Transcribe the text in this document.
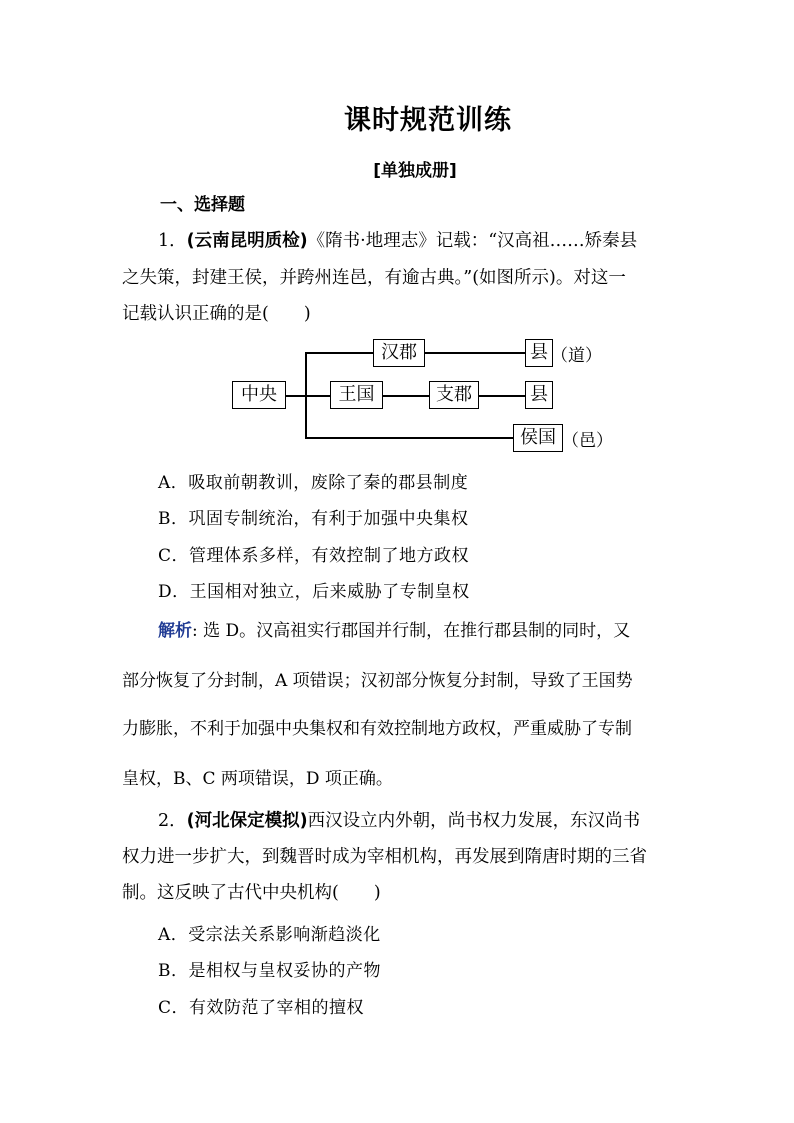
课时规范训练
[单独成册]
一、选择题
1．(云南昆明质检)《隋书·地理志》记载：“汉高祖……矫秦县
之失策，封建王侯，并跨州连邑，有逾古典。”(如图所示)。对这一
记载认识正确的是(　　)
中央
汉郡
王国	支郡
县 （道）
县
侯国 （邑）
A．吸取前朝教训，废除了秦的郡县制度
B．巩固专制统治，有利于加强中央集权
C．管理体系多样，有效控制了地方政权
D．王国相对独立，后来威胁了专制皇权
解析: 选 D。汉高祖实行郡国并行制，在推行郡县制的同时，又
部分恢复了分封制，A 项错误；汉初部分恢复分封制，导致了王国势
力膨胀，不利于加强中央集权和有效控制地方政权，严重威胁了专制
皇权，B、C 两项错误，D 项正确。
2．(河北保定模拟)西汉设立内外朝，尚书权力发展，东汉尚书
权力进一步扩大，到魏晋时成为宰相机构，再发展到隋唐时期的三省
制。这反映了古代中央机构(　　)
A．受宗法关系影响渐趋淡化
B．是相权与皇权妥协的产物
C．有效防范了宰相的擅权
